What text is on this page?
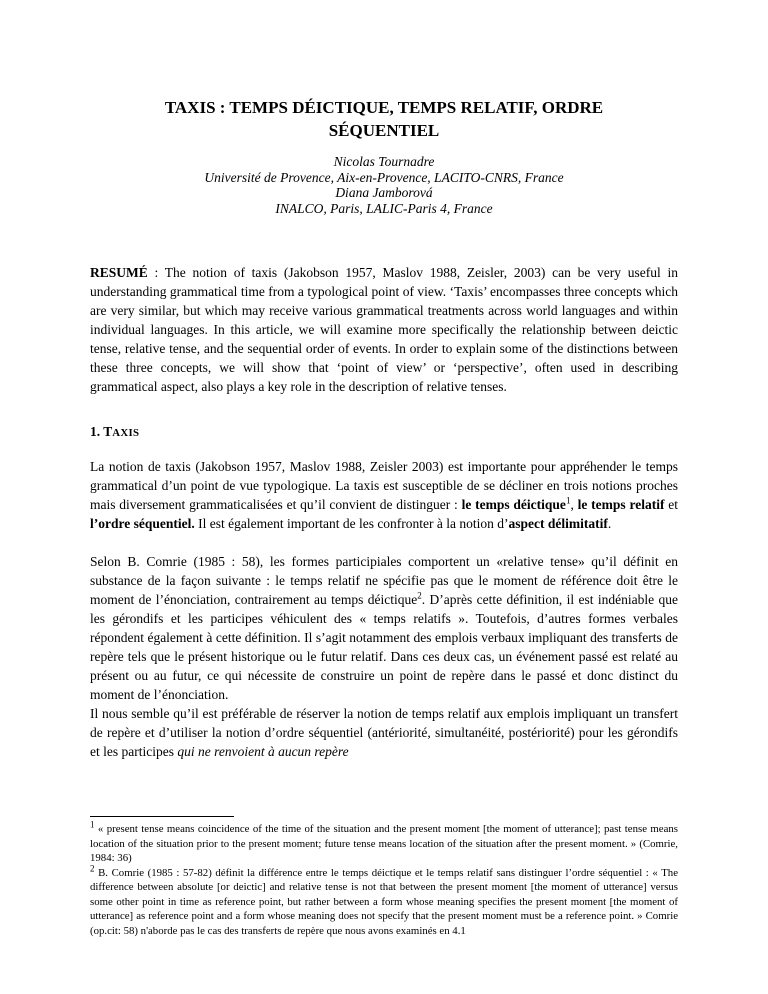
TAXIS : TEMPS DÉICTIQUE, TEMPS RELATIF, ORDRE
SÉQUENTIEL
Nicolas Tournadre
Université de Provence, Aix-en-Provence, LACITO-CNRS, France
Diana Jamborová
INALCO, Paris, LALIC-Paris 4, France

RESUMÉ : The notion of taxis (Jakobson 1957, Maslov 1988, Zeisler, 2003) can be very useful in understanding grammatical time from a typological point of view. ‘Taxis’ encompasses three concepts which are very similar, but which may receive various grammatical treatments across world languages and within individual languages. In this article, we will examine more specifically the relationship between deictic tense, relative tense, and the sequential order of events. In order to explain some of the distinctions between these three concepts, we will show that ‘point of view’ or ‘perspective’, often used in describing grammatical aspect, also plays a key role in the description of relative tenses.

1. TAXIS

La notion de taxis (Jakobson 1957, Maslov 1988, Zeisler 2003) est importante pour appréhender le temps grammatical d’un point de vue typologique. La taxis est susceptible de se décliner en trois notions proches mais diversement grammaticalisées et qu’il convient de distinguer : le temps déictique$^1$, le temps relatif et l’ordre séquentiel. Il est également important de les confronter à la notion d’aspect délimitatif.

Selon B. Comrie (1985 : 58), les formes participiales comportent un «relative tense» qu’il définit en substance de la façon suivante : le temps relatif ne spécifie pas que le moment de référence doit être le moment de l’énonciation, contrairement au temps déictique$^2$. D’après cette définition, il est indéniable que les gérondifs et les participes véhiculent des « temps relatifs ». Toutefois, d’autres formes verbales répondent également à cette définition. Il s’agit notamment des emplois verbaux impliquant des transferts de repère tels que le présent historique ou le futur relatif. Dans ces deux cas, un événement passé est relaté au présent ou au futur, ce qui nécessite de construire un point de repère dans le passé et donc distinct du moment de l’énonciation.

Il nous semble qu’il est préférable de réserver la notion de temps relatif aux emplois impliquant un transfert de repère et d’utiliser la notion d’ordre séquentiel (antériorité, simultanéité, postériorité) pour les gérondifs et les participes qui ne renvoient à aucun repère

$^1$ « present tense means coincidence of the time of the situation and the present moment [the moment of utterance]; past tense means location of the situation prior to the present moment; future tense means location of the situation after the present moment. » (Comrie, 1984: 36)

$^2$ B. Comrie (1985 : 57-82) définit la différence entre le temps déictique et le temps relatif sans distinguer l’ordre séquentiel : « The difference between absolute [or deictic] and relative tense is not that between the present moment [the moment of utterance] versus some other point in time as reference point, but rather between a form whose meaning specifies the present moment [the moment of utterance] as reference point and a form whose meaning does not specify that the present moment must be a reference point. » Comrie (op.cit: 58) n'aborde pas le cas des transferts de repère que nous avons examinés en 4.1
